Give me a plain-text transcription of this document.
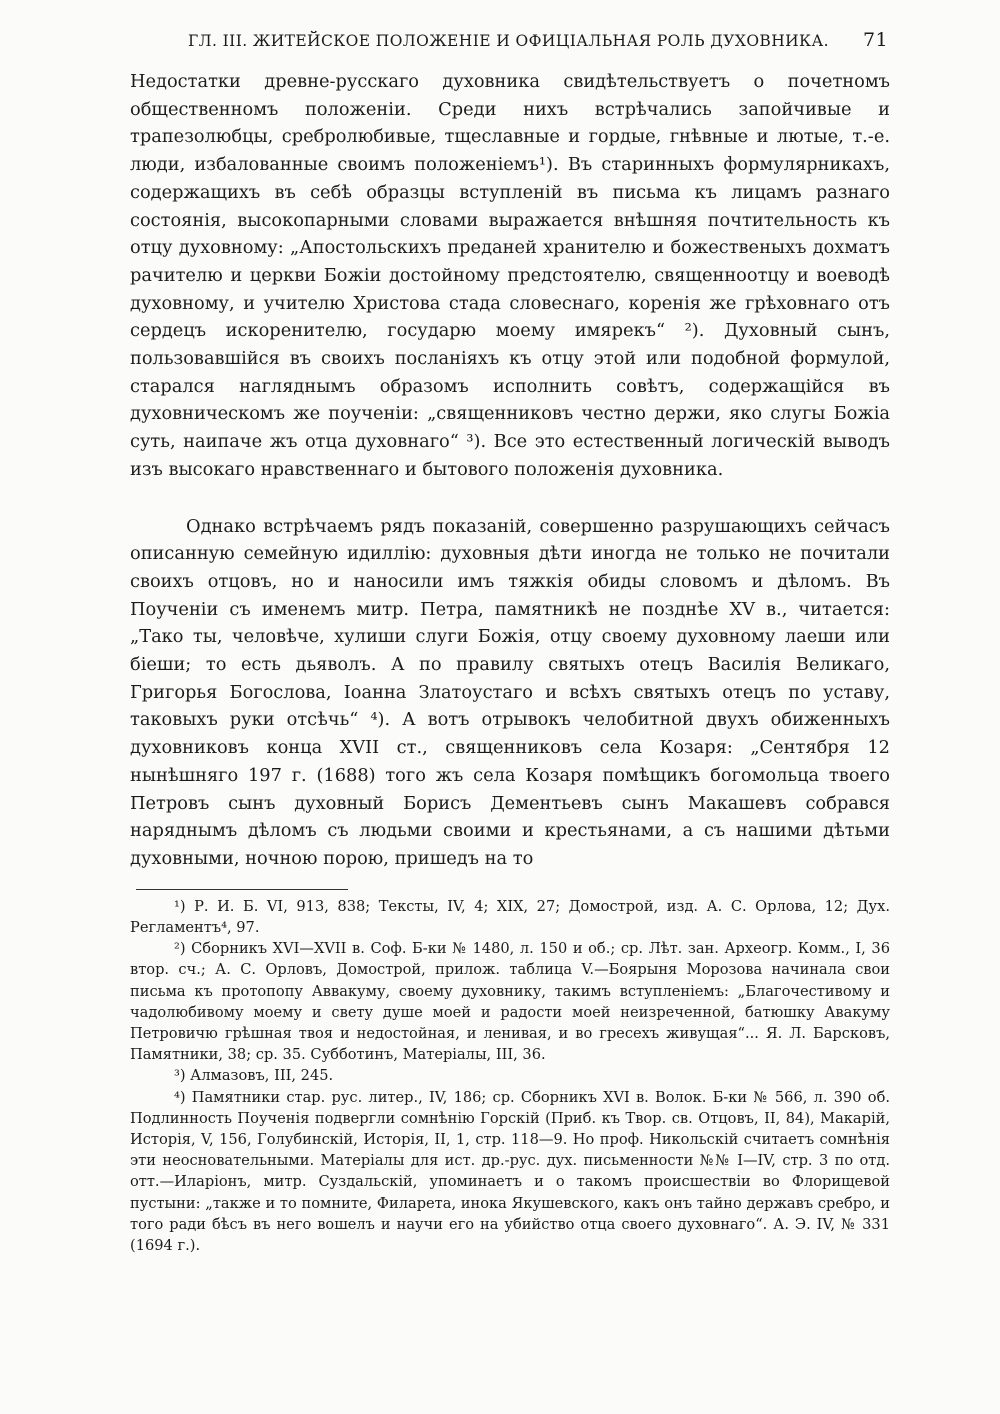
ГЛ. III. ЖИТЕЙСКОЕ ПОЛОЖЕНІЕ И ОФИЦІАЛЬНАЯ РОЛЬ ДУХОВНИКА. 71

Недостатки древне-русскаго духовника свидѣтельствуетъ о почетномъ общественномъ положеніи. Среди нихъ встрѣчались запойчивые и трапезолюбцы, сребролюбивые, тщеславные и гордые, гнѣвные и лютые, т.-е. люди, избалованные своимъ положеніемъ¹). Въ старинныхъ формулярникахъ, содержащихъ въ себѣ образцы вступленій въ письма къ лицамъ разнаго состоянія, высокопарными словами выражается внѣшняя почтительность къ отцу духовному: „Апостольскихъ преданей хранителю и божественыхъ дохматъ рачителю и церкви Божіи достойному предстоятелю, священноотцу и воеводѣ духовному, и учителю Христова стада словеснаго, коренія же грѣховнаго отъ сердецъ искоренителю, государю моему имярекъ“ ²). Духовный сынъ, пользовавшійся въ своихъ посланіяхъ къ отцу этой или подобной формулой, старался нагляднымъ образомъ исполнить совѣтъ, содержащійся въ духовническомъ же поученіи: „священниковъ честно держи, яко слугы Божіа суть, наипаче жъ отца духовнаго“ ³). Все это естественный логическій выводъ изъ высокаго нравственнаго и бытового положенія духовника.

Однако встрѣчаемъ рядъ показаній, совершенно разрушающихъ сейчасъ описанную семейную идиллію: духовныя дѣти иногда не только не почитали своихъ отцовъ, но и наносили имъ тяжкія обиды словомъ и дѣломъ. Въ Поученіи съ именемъ митр. Петра, памятникѣ не позднѣе XV в., читается: „Тако ты, человѣче, хулиши слуги Божія, отцу своему духовному лаеши или біеши; то есть дьяволъ. А по правилу святыхъ отецъ Василія Великаго, Григорья Богослова, Іоанна Златоустаго и всѣхъ святыхъ отецъ по уставу, таковыхъ руки отсѣчь“ ⁴). А вотъ отрывокъ челобитной двухъ обиженныхъ духовниковъ конца XVII ст., священниковъ села Козаря: „Сентября 12 нынѣшняго 197 г. (1688) того жъ села Козаря помѣщикъ богомольца твоего Петровъ сынъ духовный Борисъ Дементьевъ сынъ Макашевъ собрався наряднымъ дѣломъ съ людьми своими и крестьянами, а съ нашими дѣтьми духовными, ночною порою, пришедъ на то

¹) Р. И. Б. VI, 913, 838; Тексты, IV, 4; XIX, 27; Домострой, изд. А. С. Орлова, 12; Дух. Регламентъ⁴, 97.

²) Сборникъ XVI—XVII в. Соф. Б-ки № 1480, л. 150 и об.; ср. Лѣт. зан. Археогр. Комм., I, 36 втор. сч.; А. С. Орловъ, Домострой, прилож. таблица V.—Боярыня Морозова начинала свои письма къ протопопу Аввакуму, своему духовнику, такимъ вступленіемъ: „Благочестивому и чадолюбивому моему и свету душе моей и радости моей неизреченной, батюшку Авакуму Петровичю грѣшная твоя и недостойная, и ленивая, и во гресехъ живущая“... Я. Л. Барсковъ, Памятники, 38; ср. 35. Субботинъ, Матеріалы, III, 36.

³) Алмазовъ, III, 245.

⁴) Памятники стар. рус. литер., IV, 186; ср. Сборникъ XVI в. Волок. Б-ки № 566, л. 390 об. Подлинность Поученія подвергли сомнѣнію Горскій (Приб. къ Твор. св. Отцовъ, II, 84), Макарій, Исторія, V, 156, Голубинскій, Исторія, II, 1, стр. 118—9. Но проф. Никольскій считаетъ сомнѣнія эти неосновательными. Матеріалы для ист. др.-рус. дух. письменности №№ I—IV, стр. 3 по отд. отт.—Иларіонъ, митр. Суздальскій, упоминаетъ и о такомъ происшествіи во Флорищевой пустыни: „также и то помните, Филарета, инока Якушевского, какъ онъ тайно державъ сребро, и того ради бѣсъ въ него вошелъ и научи его на убийство отца своего духовнаго“. А. Э. IV, № 331 (1694 г.).
